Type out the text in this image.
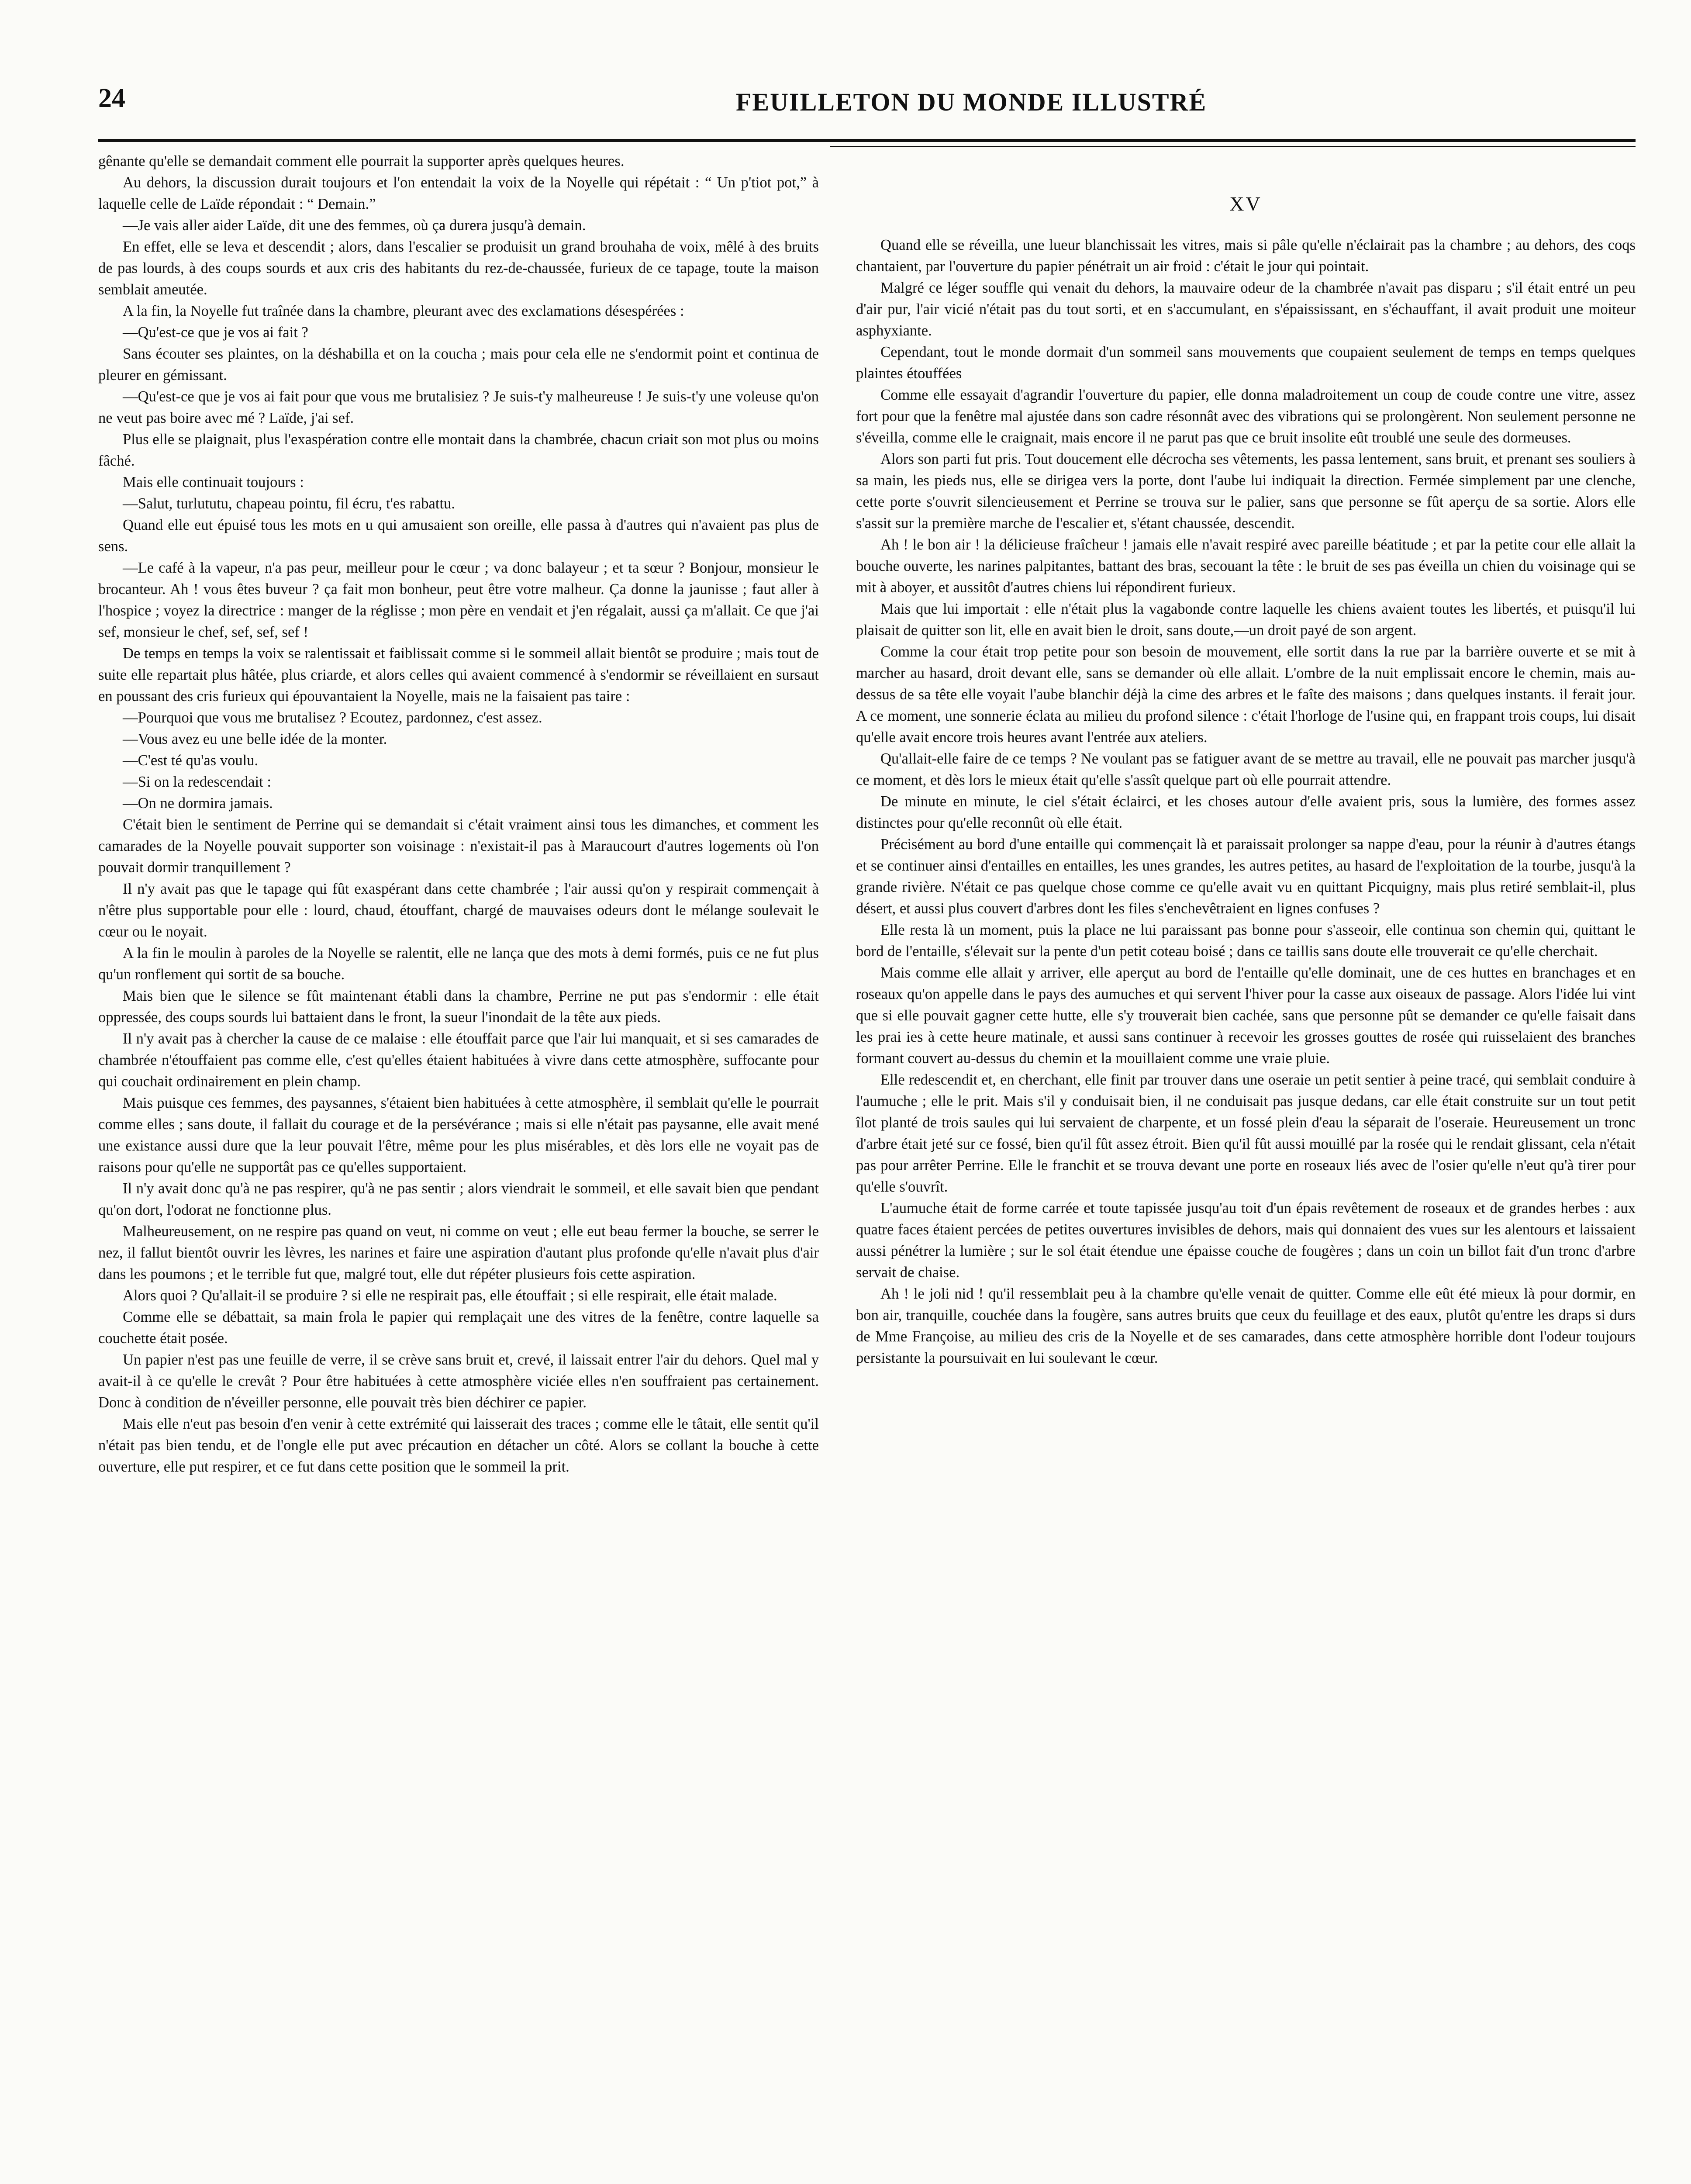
24	FEUILLETON DU MONDE ILLUSTRÉ

gênante qu'elle se demandait comment elle pourrait la supporter après quelques heures.

Au dehors, la discussion durait toujours et l'on entendait la voix de la Noyelle qui répétait : “ Un p'tiot pot,” à laquelle celle de Laïde répondait : “ Demain.”

—Je vais aller aider Laïde, dit une des femmes, où ça durera jusqu'à demain.

En effet, elle se leva et descendit ; alors, dans l'escalier se produisit un grand brouhaha de voix, mêlé à des bruits de pas lourds, à des coups sourds et aux cris des habitants du rez-de-chaussée, furieux de ce tapage, toute la maison semblait ameutée.

A la fin, la Noyelle fut traînée dans la chambre, pleurant avec des exclamations désespérées :

—Qu'est-ce que je vos ai fait ?

Sans écouter ses plaintes, on la déshabilla et on la coucha ; mais pour cela elle ne s'endormit point et continua de pleurer en gémissant.

—Qu'est-ce que je vos ai fait pour que vous me brutalisiez ? Je suis-t'y malheureuse ! Je suis-t'y une voleuse qu'on ne veut pas boire avec mé ? Laïde, j'ai sef.

Plus elle se plaignait, plus l'exaspération contre elle montait dans la chambrée, chacun criait son mot plus ou moins fâché.

Mais elle continuait toujours :

—Salut, turlututu, chapeau pointu, fil écru, t'es rabattu.

Quand elle eut épuisé tous les mots en u qui amusaient son oreille, elle passa à d'autres qui n'avaient pas plus de sens.

—Le café à la vapeur, n'a pas peur, meilleur pour le cœur ; va donc balayeur ; et ta sœur ? Bonjour, monsieur le brocanteur. Ah ! vous êtes buveur ? ça fait mon bonheur, peut être votre malheur. Ça donne la jaunisse ; faut aller à l'hospice ; voyez la directrice : manger de la réglisse ; mon père en vendait et j'en régalait, aussi ça m'allait. Ce que j'ai sef, monsieur le chef, sef, sef, sef !

De temps en temps la voix se ralentissait et faiblissait comme si le sommeil allait bientôt se produire ; mais tout de suite elle repartait plus hâtée, plus criarde, et alors celles qui avaient commencé à s'endormir se réveillaient en sursaut en poussant des cris furieux qui épouvantaient la Noyelle, mais ne la faisaient pas taire :

—Pourquoi que vous me brutalisez ? Ecoutez, pardonnez, c'est assez.

—Vous avez eu une belle idée de la monter.

—C'est té qu'as voulu.

—Si on la redescendait :

—On ne dormira jamais.

C'était bien le sentiment de Perrine qui se demandait si c'était vraiment ainsi tous les dimanches, et comment les camarades de la Noyelle pouvait supporter son voisinage : n'existait-il pas à Maraucourt d'autres logements où l'on pouvait dormir tranquillement ?

Il n'y avait pas que le tapage qui fût exaspérant dans cette chambrée ; l'air aussi qu'on y respirait commençait à n'être plus supportable pour elle : lourd, chaud, étouffant, chargé de mauvaises odeurs dont le mélange soulevait le cœur ou le noyait.

A la fin le moulin à paroles de la Noyelle se ralentit, elle ne lança que des mots à demi formés, puis ce ne fut plus qu'un ronflement qui sortit de sa bouche.

Mais bien que le silence se fût maintenant établi dans la chambre, Perrine ne put pas s'endormir : elle était oppressée, des coups sourds lui battaient dans le front, la sueur l'inondait de la tête aux pieds.

Il n'y avait pas à chercher la cause de ce malaise : elle étouffait parce que l'air lui manquait, et si ses camarades de chambrée n'étouffaient pas comme elle, c'est qu'elles étaient habituées à vivre dans cette atmosphère, suffocante pour qui couchait ordinairement en plein champ.

Mais puisque ces femmes, des paysannes, s'étaient bien habituées à cette atmosphère, il semblait qu'elle le pourrait comme elles ; sans doute, il fallait du courage et de la persévérance ; mais si elle n'était pas paysanne, elle avait mené une existance aussi dure que la leur pouvait l'être, même pour les plus misérables, et dès lors elle ne voyait pas de raisons pour qu'elle ne supportât pas ce qu'elles supportaient.

Il n'y avait donc qu'à ne pas respirer, qu'à ne pas sentir ; alors viendrait le sommeil, et elle savait bien que pendant qu'on dort, l'odorat ne fonctionne plus.

Malheureusement, on ne respire pas quand on veut, ni comme on veut ; elle eut beau fermer la bouche, se serrer le nez, il fallut bientôt ouvrir les lèvres, les narines et faire une aspiration d'autant plus profonde qu'elle n'avait plus d'air dans les poumons ; et le terrible fut que, malgré tout, elle dut répéter plusieurs fois cette aspiration.

Alors quoi ? Qu'allait-il se produire ? si elle ne respirait pas, elle étouffait ; si elle respirait, elle était malade.

Comme elle se débattait, sa main frola le papier qui remplaçait une des vitres de la fenêtre, contre laquelle sa couchette était posée.

Un papier n'est pas une feuille de verre, il se crève sans bruit et, crevé, il laissait entrer l'air du dehors. Quel mal y avait-il à ce qu'elle le crevât ? Pour être habituées à cette atmosphère viciée elles n'en souffraient pas certainement. Donc à condition de n'éveiller personne, elle pouvait très bien déchirer ce papier.

Mais elle n'eut pas besoin d'en venir à cette extrémité qui laisserait des traces ; comme elle le tâtait, elle sentit qu'il n'était pas bien tendu, et de l'ongle elle put avec précaution en détacher un côté. Alors se collant la bouche à cette ouverture, elle put respirer, et ce fut dans cette position que le sommeil la prit.

XV

Quand elle se réveilla, une lueur blanchissait les vitres, mais si pâle qu'elle n'éclairait pas la chambre ; au dehors, des coqs chantaient, par l'ouverture du papier pénétrait un air froid : c'était le jour qui pointait.

Malgré ce léger souffle qui venait du dehors, la mauvaire odeur de la chambrée n'avait pas disparu ; s'il était entré un peu d'air pur, l'air vicié n'était pas du tout sorti, et en s'accumulant, en s'épaississant, en s'échauffant, il avait produit une moiteur asphyxiante.

Cependant, tout le monde dormait d'un sommeil sans mouvements que coupaient seulement de temps en temps quelques plaintes étouffées

Comme elle essayait d'agrandir l'ouverture du papier, elle donna maladroitement un coup de coude contre une vitre, assez fort pour que la fenêtre mal ajustée dans son cadre résonnât avec des vibrations qui se prolongèrent. Non seulement personne ne s'éveilla, comme elle le craignait, mais encore il ne parut pas que ce bruit insolite eût troublé une seule des dormeuses.

Alors son parti fut pris. Tout doucement elle décrocha ses vêtements, les passa lentement, sans bruit, et prenant ses souliers à sa main, les pieds nus, elle se dirigea vers la porte, dont l'aube lui indiquait la direction. Fermée simplement par une clenche, cette porte s'ouvrit silencieusement et Perrine se trouva sur le palier, sans que personne se fût aperçu de sa sortie. Alors elle s'assit sur la première marche de l'escalier et, s'étant chaussée, descendit.

Ah ! le bon air ! la délicieuse fraîcheur ! jamais elle n'avait respiré avec pareille béatitude ; et par la petite cour elle allait la bouche ouverte, les narines palpitantes, battant des bras, secouant la tête : le bruit de ses pas éveilla un chien du voisinage qui se mit à aboyer, et aussitôt d'autres chiens lui répondirent furieux.

Mais que lui importait : elle n'était plus la vagabonde contre laquelle les chiens avaient toutes les libertés, et puisqu'il lui plaisait de quitter son lit, elle en avait bien le droit, sans doute,—un droit payé de son argent.

Comme la cour était trop petite pour son besoin de mouvement, elle sortit dans la rue par la barrière ouverte et se mit à marcher au hasard, droit devant elle, sans se demander où elle allait. L'ombre de la nuit emplissait encore le chemin, mais au-dessus de sa tête elle voyait l'aube blanchir déjà la cime des arbres et le faîte des maisons ; dans quelques instants. il ferait jour. A ce moment, une sonnerie éclata au milieu du profond silence : c'était l'horloge de l'usine qui, en frappant trois coups, lui disait qu'elle avait encore trois heures avant l'entrée aux ateliers.

Qu'allait-elle faire de ce temps ? Ne voulant pas se fatiguer avant de se mettre au travail, elle ne pouvait pas marcher jusqu'à ce moment, et dès lors le mieux était qu'elle s'assît quelque part où elle pourrait attendre.

De minute en minute, le ciel s'était éclairci, et les choses autour d'elle avaient pris, sous la lumière, des formes assez distinctes pour qu'elle reconnût où elle était.

Précisément au bord d'une entaille qui commençait là et paraissait prolonger sa nappe d'eau, pour la réunir à d'autres étangs et se continuer ainsi d'entailles en entailles, les unes grandes, les autres petites, au hasard de l'exploitation de la tourbe, jusqu'à la grande rivière. N'était ce pas quelque chose comme ce qu'elle avait vu en quittant Picquigny, mais plus retiré semblait-il, plus désert, et aussi plus couvert d'arbres dont les files s'enchevêtraient en lignes confuses ?

Elle resta là un moment, puis la place ne lui paraissant pas bonne pour s'asseoir, elle continua son chemin qui, quittant le bord de l'entaille, s'élevait sur la pente d'un petit coteau boisé ; dans ce taillis sans doute elle trouverait ce qu'elle cherchait.

Mais comme elle allait y arriver, elle aperçut au bord de l'entaille qu'elle dominait, une de ces huttes en branchages et en roseaux qu'on appelle dans le pays des aumuches et qui servent l'hiver pour la casse aux oiseaux de passage. Alors l'idée lui vint que si elle pouvait gagner cette hutte, elle s'y trouverait bien cachée, sans que personne pût se demander ce qu'elle faisait dans les prai ies à cette heure matinale, et aussi sans continuer à recevoir les grosses gouttes de rosée qui ruisselaient des branches formant couvert au-dessus du chemin et la mouillaient comme une vraie pluie.

Elle redescendit et, en cherchant, elle finit par trouver dans une oseraie un petit sentier à peine tracé, qui semblait conduire à l'aumuche ; elle le prit. Mais s'il y conduisait bien, il ne conduisait pas jusque dedans, car elle était construite sur un tout petit îlot planté de trois saules qui lui servaient de charpente, et un fossé plein d'eau la séparait de l'oseraie. Heureusement un tronc d'arbre était jeté sur ce fossé, bien qu'il fût assez étroit. Bien qu'il fût aussi mouillé par la rosée qui le rendait glissant, cela n'était pas pour arrêter Perrine. Elle le franchit et se trouva devant une porte en roseaux liés avec de l'osier qu'elle n'eut qu'à tirer pour qu'elle s'ouvrît.

L'aumuche était de forme carrée et toute tapissée jusqu'au toit d'un épais revêtement de roseaux et de grandes herbes : aux quatre faces étaient percées de petites ouvertures invisibles de dehors, mais qui donnaient des vues sur les alentours et laissaient aussi pénétrer la lumière ; sur le sol était étendue une épaisse couche de fougères ; dans un coin un billot fait d'un tronc d'arbre servait de chaise.

Ah ! le joli nid ! qu'il ressemblait peu à la chambre qu'elle venait de quitter. Comme elle eût été mieux là pour dormir, en bon air, tranquille, couchée dans la fougère, sans autres bruits que ceux du feuillage et des eaux, plutôt qu'entre les draps si durs de Mme Françoise, au milieu des cris de la Noyelle et de ses camarades, dans cette atmosphère horrible dont l'odeur toujours persistante la poursuivait en lui soulevant le cœur.
